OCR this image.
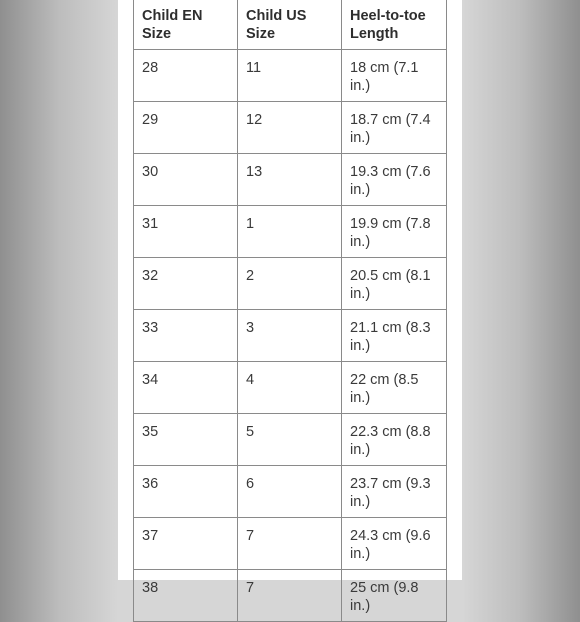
Child EN Size	Child US Size	Heel-to-toe Length
28	11	18 cm (7.1 in.)
29	12	18.7 cm (7.4 in.)
30	13	19.3 cm (7.6 in.)
31	1	19.9 cm (7.8 in.)
32	2	20.5 cm (8.1 in.)
33	3	21.1 cm (8.3 in.)
34	4	22 cm (8.5 in.)
35	5	22.3 cm (8.8 in.)
36	6	23.7 cm (9.3 in.)
37	7	24.3 cm (9.6 in.)
38	7	25 cm (9.8 in.)
